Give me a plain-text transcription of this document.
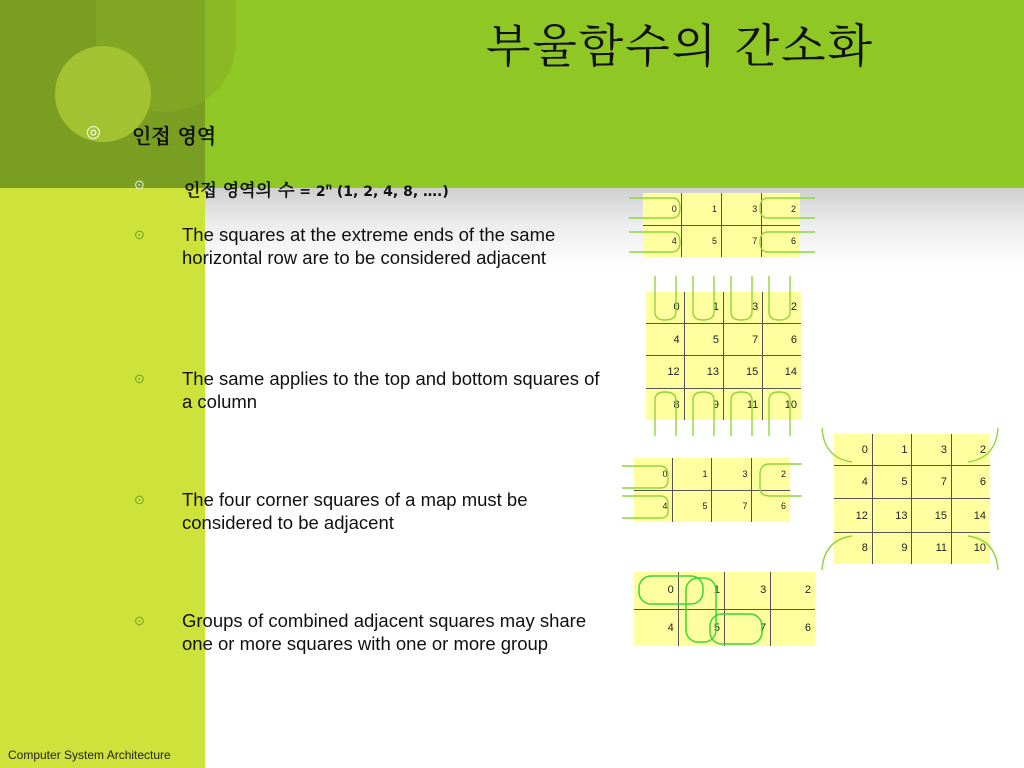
부울함수의 간소화
◎ 인접 영역
⊙ 인접 영역의 수 = $2^n$ (1, 2, 4, 8, ….)
⊙ The squares at the extreme ends of the same horizontal row are to be considered adjacent
⊙ The same applies to the top and bottom squares of a column
⊙ The four corner squares of a map must be considered to be adjacent
⊙ Groups of combined adjacent squares may share one or more squares with one or more group
Computer System Architecture
0	1	3	2
4	5	7	6
0	1	3	2
4	5	7	6
12	13	15	14
8	9	11	10
0	1	3	2
4	5	7	6
0	1	3	2
4	5	7	6
12	13	15	14
8	9	11	10
0	1	3	2
4	5	7	6
